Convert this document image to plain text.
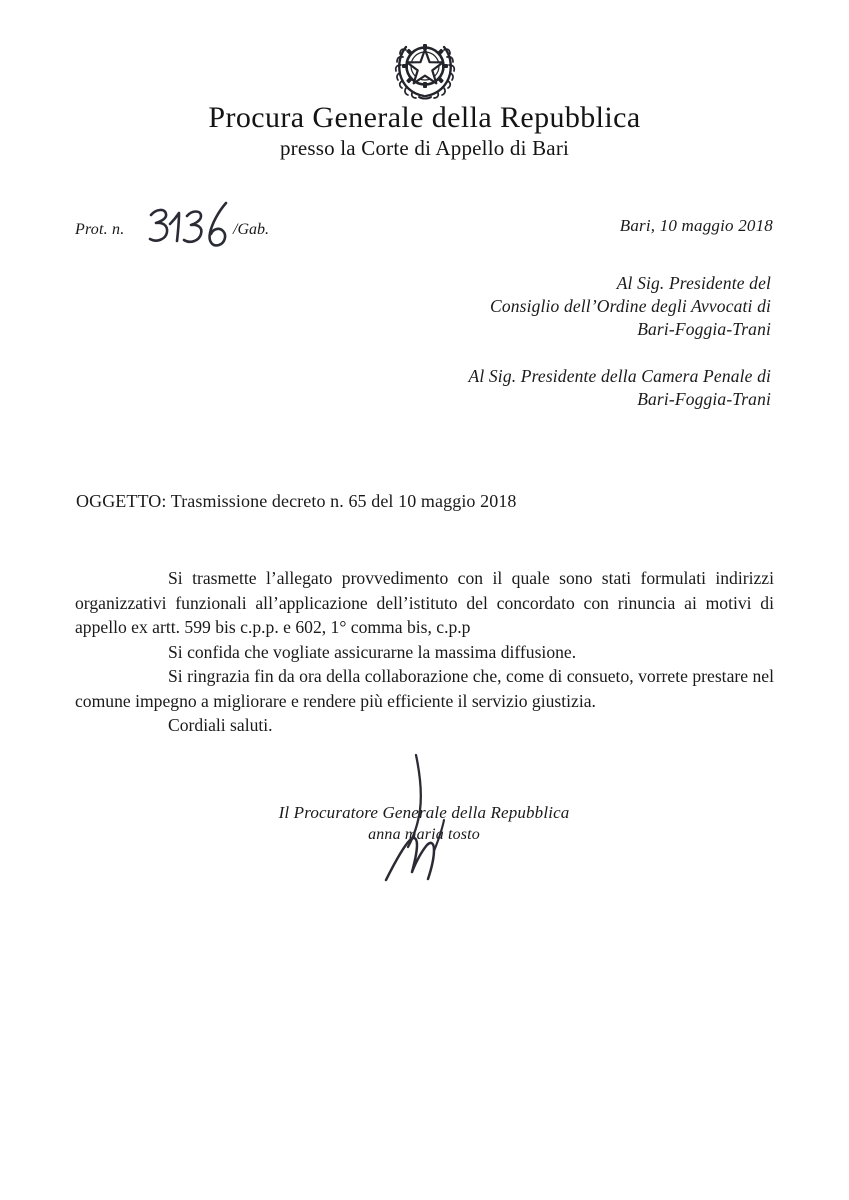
Procura Generale della Repubblica
presso la Corte di Appello di Bari
Prot. n.	/Gab.	Bari, 10 maggio 2018
Al Sig. Presidente del
Consiglio dell’Ordine degli Avvocati di
Bari-Foggia-Trani
Al Sig. Presidente della Camera Penale di
Bari-Foggia-Trani
OGGETTO: Trasmissione decreto n. 65 del 10 maggio 2018

Si trasmette l’allegato provvedimento con il quale sono stati formulati indirizzi organizzativi funzionali all’applicazione dell’istituto del concordato con rinuncia ai motivi di appello ex artt. 599 bis c.p.p. e 602, 1° comma bis, c.p.p

Si confida che vogliate assicurarne la massima diffusione.

Si ringrazia fin da ora della collaborazione che, come di consueto, vorrete prestare nel comune impegno a migliorare e rendere più efficiente il servizio giustizia.

Cordiali saluti.

Il Procuratore Generale della Repubblica
anna maria tosto
